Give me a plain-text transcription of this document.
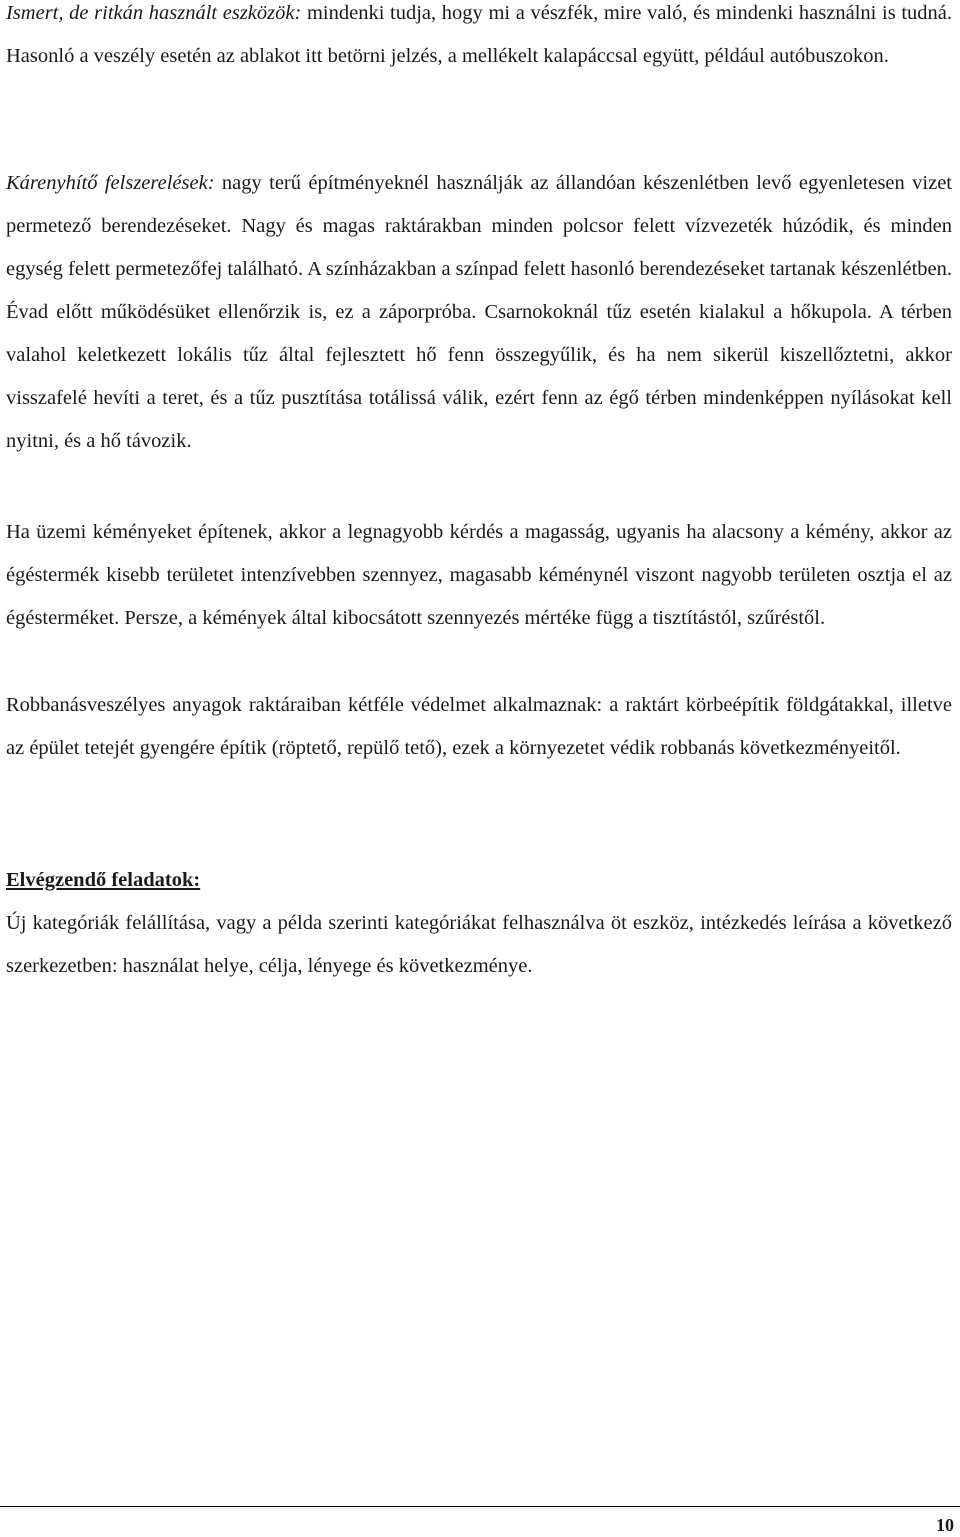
Ismert, de ritkán használt eszközök: mindenki tudja, hogy mi a vészfék, mire való, és mindenki használni is tudná. Hasonló a veszély esetén az ablakot itt betörni jelzés, a mellékelt kalapáccsal együtt, például autóbuszokon.

Kárenyhítő felszerelések: nagy terű építményeknél használják az állandóan készenlétben levő egyenletesen vizet permetező berendezéseket. Nagy és magas raktárakban minden polcsor felett vízvezeték húzódik, és minden egység felett permetezőfej található. A színházakban a színpad felett hasonló berendezéseket tartanak készenlétben. Évad előtt működésüket ellenőrzik is, ez a záporpróba. Csarnokoknál tűz esetén kialakul a hőkupola. A térben valahol keletkezett lokális tűz által fejlesztett hő fenn összegyűlik, és ha nem sikerül kiszellőztetni, akkor visszafelé hevíti a teret, és a tűz pusztítása totálissá válik, ezért fenn az égő térben mindenképpen nyílásokat kell nyitni, és a hő távozik.

Ha üzemi kéményeket építenek, akkor a legnagyobb kérdés a magasság, ugyanis ha alacsony a kémény, akkor az égéstermék kisebb területet intenzívebben szennyez, magasabb kéménynél viszont nagyobb területen osztja el az égésterméket. Persze, a kémények által kibocsátott szennyezés mértéke függ a tisztítástól, szűréstől.

Robbanásveszélyes anyagok raktáraiban kétféle védelmet alkalmaznak: a raktárt körbeépítik földgátakkal, illetve az épület tetejét gyengére építik (röptető, repülő tető), ezek a környezetet védik robbanás következményeitől.

Elvégzendő feladatok:

Új kategóriák felállítása, vagy a példa szerinti kategóriákat felhasználva öt eszköz, intézkedés leírása a következő szerkezetben: használat helye, célja, lényege és következménye.

10
